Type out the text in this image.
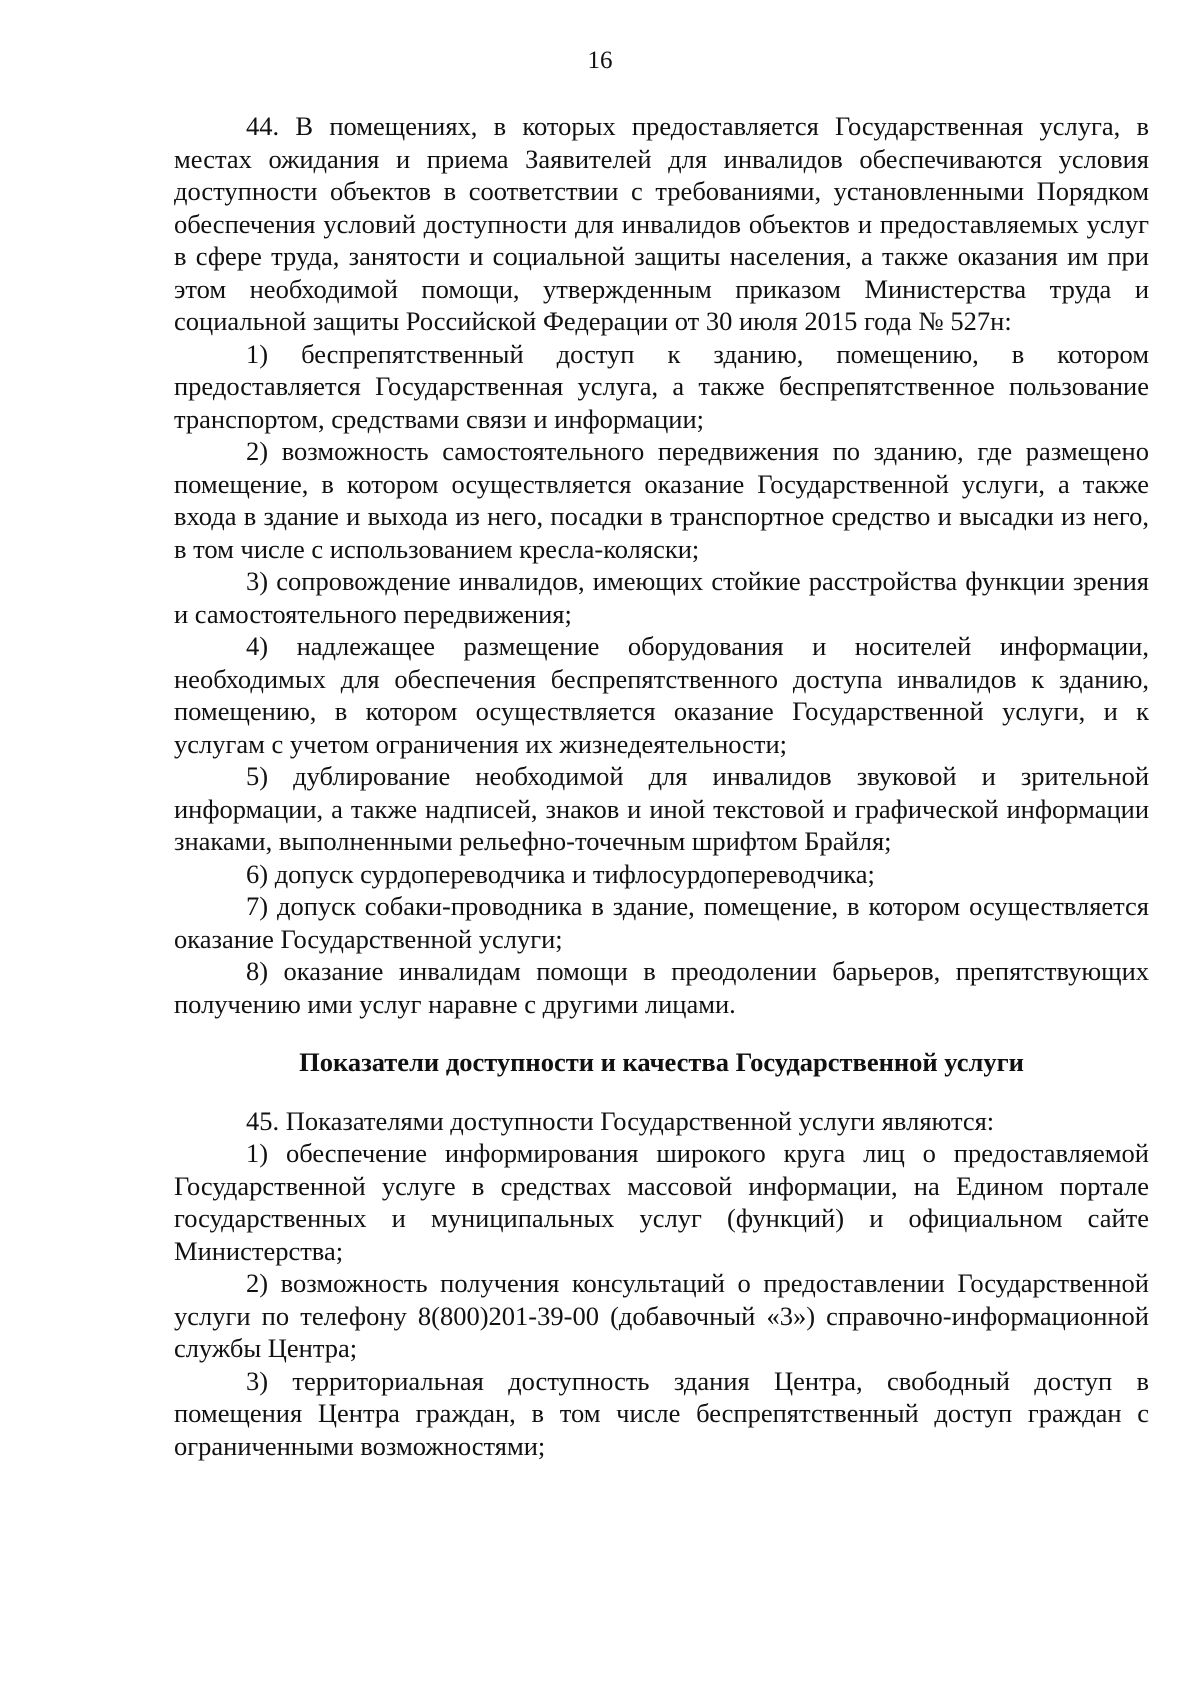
16

44. В помещениях, в которых предоставляется Государственная услуга, в местах ожидания и приема Заявителей для инвалидов обеспечиваются условия доступности объектов в соответствии с требованиями, установленными Порядком обеспечения условий доступности для инвалидов объектов и предоставляемых услуг в сфере труда, занятости и социальной защиты населения, а также оказания им при этом необходимой помощи, утвержденным приказом Министерства труда и социальной защиты Российской Федерации от 30 июля 2015 года № 527н:

1) беспрепятственный доступ к зданию, помещению, в котором предоставляется Государственная услуга, а также беспрепятственное пользование транспортом, средствами связи и информации;

2) возможность самостоятельного передвижения по зданию, где размещено помещение, в котором осуществляется оказание Государственной услуги, а также входа в здание и выхода из него, посадки в транспортное средство и высадки из него, в том числе с использованием кресла-коляски;

3) сопровождение инвалидов, имеющих стойкие расстройства функции зрения и самостоятельного передвижения;

4) надлежащее размещение оборудования и носителей информации, необходимых для обеспечения беспрепятственного доступа инвалидов к зданию, помещению, в котором осуществляется оказание Государственной услуги, и к услугам с учетом ограничения их жизнедеятельности;

5) дублирование необходимой для инвалидов звуковой и зрительной информации, а также надписей, знаков и иной текстовой и графической информации знаками, выполненными рельефно-точечным шрифтом Брайля;

6) допуск сурдопереводчика и тифлосурдопереводчика;

7) допуск собаки-проводника в здание, помещение, в котором осуществляется оказание Государственной услуги;

8) оказание инвалидам помощи в преодолении барьеров, препятствующих получению ими услуг наравне с другими лицами.

Показатели доступности и качества Государственной услуги

45. Показателями доступности Государственной услуги являются:

1) обеспечение информирования широкого круга лиц о предоставляемой Государственной услуге в средствах массовой информации, на Едином портале государственных и муниципальных услуг (функций) и официальном сайте Министерства;

2) возможность получения консультаций о предоставлении Государственной услуги по телефону 8(800)201-39-00 (добавочный «3») справочно-информационной службы Центра;

3) территориальная доступность здания Центра, свободный доступ в помещения Центра граждан, в том числе беспрепятственный доступ граждан с ограниченными возможностями;
